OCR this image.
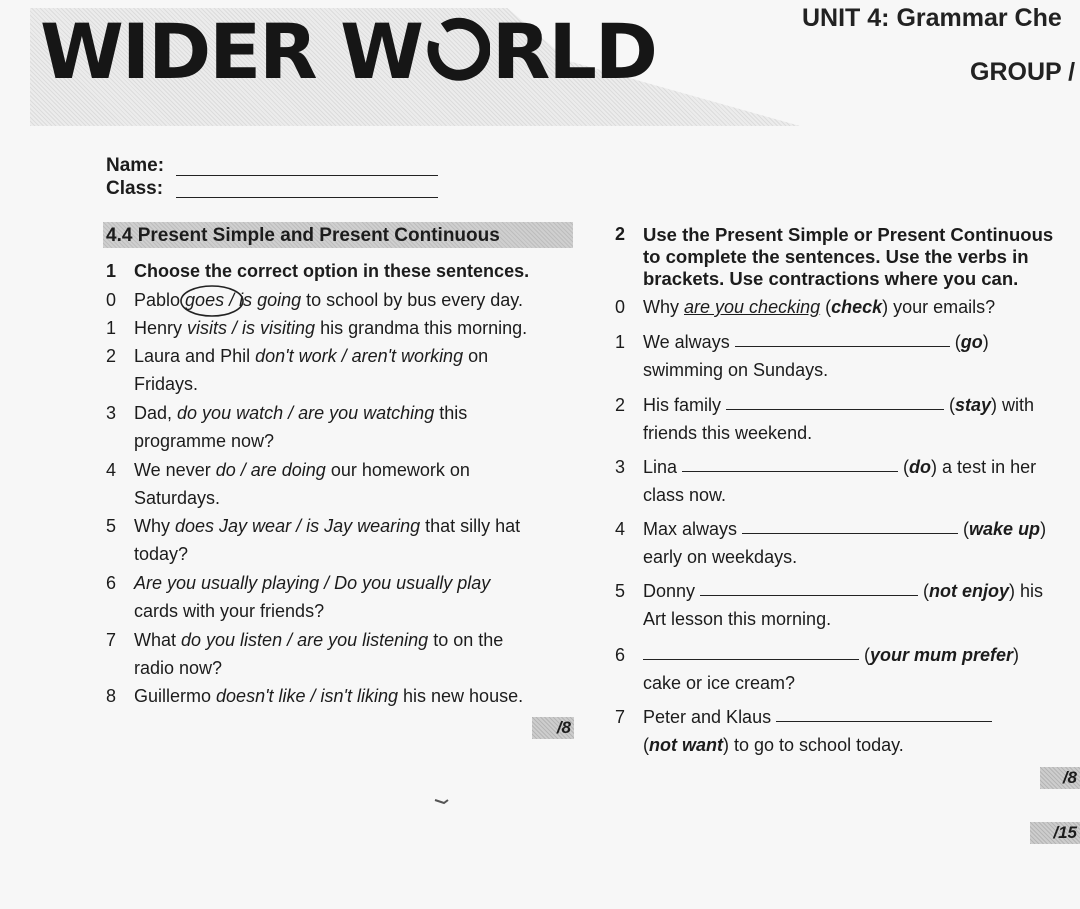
WIDER W RLD	UNIT 4: Grammar Che
GROUP /
Name:
Class:
4.4 Present Simple and Present Continuous
1 Choose the correct option in these sentences.
0 Pablo goes / is going to school by bus every day.
1 Henry visits / is visiting his grandma this morning.
2 Laura and Phil don't work / aren't working on
Fridays.
3 Dad, do you watch / are you watching this
programme now?
4 We never do / are doing our homework on
Saturdays.
5 Why does Jay wear / is Jay wearing that silly hat
today?
6 Are you usually playing / Do you usually play
cards with your friends?
7 What do you listen / are you listening to on the
radio now?
8 Guillermo doesn't like / isn't liking his new house.
/8
2 Use the Present Simple or Present Continuous
to complete the sentences. Use the verbs in
brackets. Use contractions where you can.
0 Why are you checking (check) your emails?
1 We always	(go)
swimming on Sundays.
2 His family	(stay) with
friends this weekend.
3 Lina	(do) a test in her
class now.
4 Max always	(wake up)
early on weekdays.
5 Donny	(not enjoy) his
Art lesson this morning.
6	(your mum prefer)
cake or ice cream?
7 Peter and Klaus
(not want) to go to school today.
/8
/15
